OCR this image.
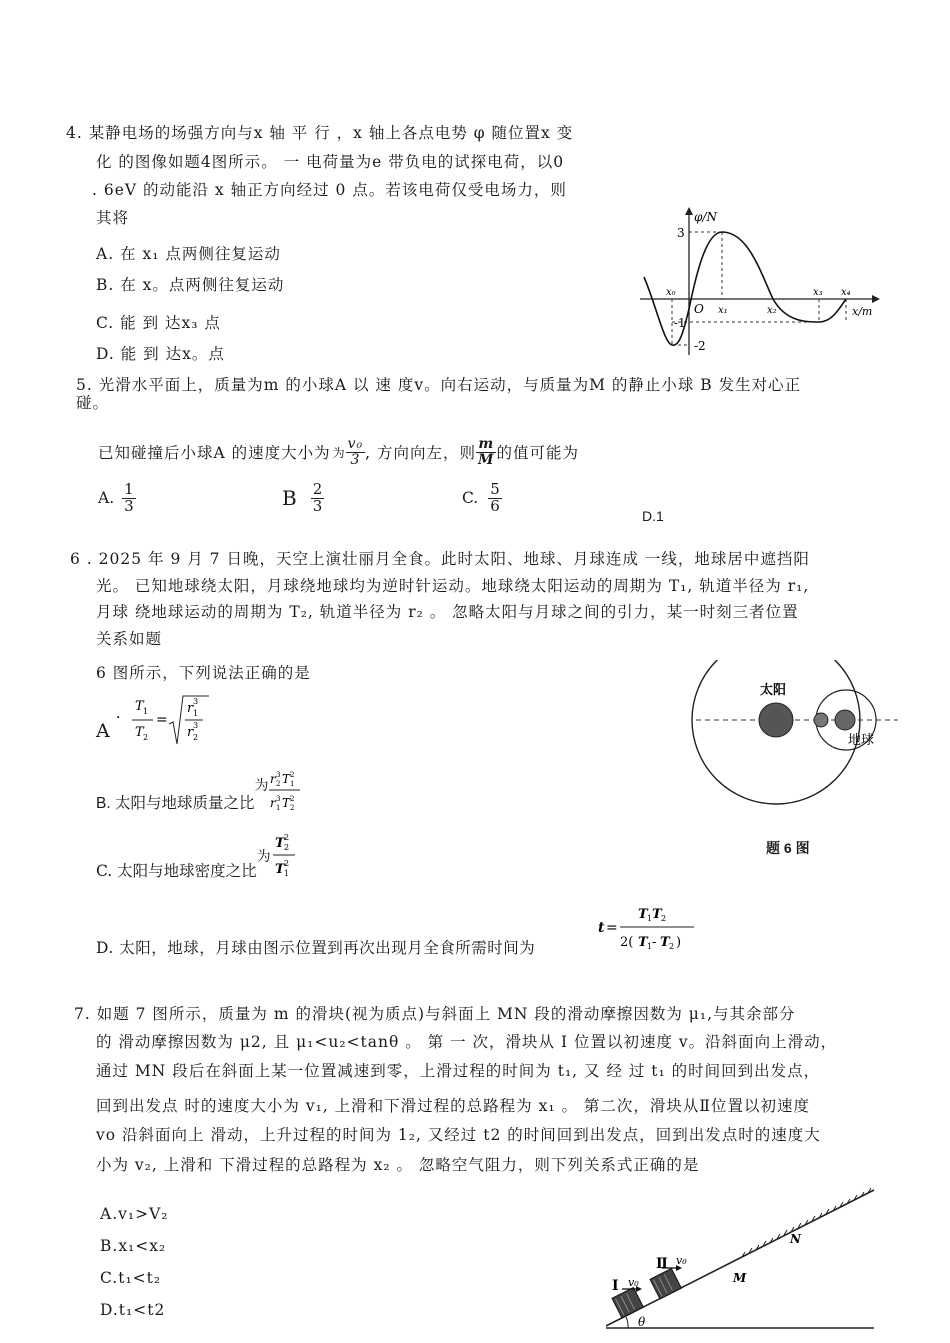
4. 某静电场的场强方向与x 轴 平 行 ，x 轴上各点电势 φ 随位置x 变
化 的图像如题4图所示。 一 电荷量为e 带负电的试探电荷，以0
. 6eV 的动能沿 x 轴正方向经过 0 点。若该电荷仅受电场力，则
其将
A. 在 x₁ 点两侧往复运动
B. 在 x。点两侧往复运动
C. 能 到 达x₃ 点
D. 能 到 达x。点
φ/N
x/m
O
3
-1
-2
x₀
x₁	x₂
x₃ x₄
5. 光滑水平面上，质量为m 的小球A 以 速 度v。向右运动，与质量为M 的静止小球 B 发生对心正
碰。
已知碰撞后小球A 的速度大小为 为 $\frac{\text{v₀}}{3}$ , 方向向左，则 $\frac{m}{M}$ 的值可能为
A. $\frac{1}{3}$	B $\frac{2}{3}$	C. $\frac{5}{6}$
D.1
6 . 2025 年 9 月 7 日晚，天空上演壮丽月全食。此时太阳、地球、月球连成 一线，地球居中遮挡阳
光。 已知地球绕太阳，月球绕地球均为逆时针运动。地球绕太阳运动的周期为 T₁, 轨道半径为 r₁,
月球 绕地球运动的周期为 T₂, 轨道半径为 r₂ 。 忽略太阳与月球之间的引力，某一时刻三者位置
关系如题
6 图所示，下列说法正确的是
A
. T 1
T 2
=
r 3
1
r 3
2
B. 太阳与地球质量之比
为 r 3
2 T 2
1
r 3
1 T 2
2
C. 太阳与地球密度之比
为
T 2
2
T 2
1
D. 太阳，地球，月球由图示位置到再次出现月全食所需时间为
t =
T 1 T 2
2( T 1 - T 2 )
太阳
地球
题 6 图
7. 如题 7 图所示，质量为 m 的滑块(视为质点)与斜面上 MN 段的滑动摩擦因数为 μ₁,与其余部分
的 滑动摩擦因数为 μ2, 且 μ₁<u₂<tanθ 。 第 一 次，滑块从 I 位置以初速度 v。沿斜面向上滑动，
通过 MN 段后在斜面上某一位置减速到零，上滑过程的时间为 t₁, 又 经 过 t₁ 的时间回到出发点，
回到出发点 时的速度大小为 v₁, 上滑和下滑过程的总路程为 x₁ 。 第二次，滑块从Ⅱ位置以初速度
vo 沿斜面向上 滑动，上升过程的时间为 1₂, 又经过 t2 的时间回到出发点，回到出发点时的速度大
小为 v₂, 上滑和 下滑过程的总路程为 x₂ 。 忽略空气阻力，则下列关系式正确的是
A.v₁>V₂
B.x₁<x₂
C.t₁<t₂
D.t₁<t2
I v₀
Ⅱ v₀
M
N
θ
